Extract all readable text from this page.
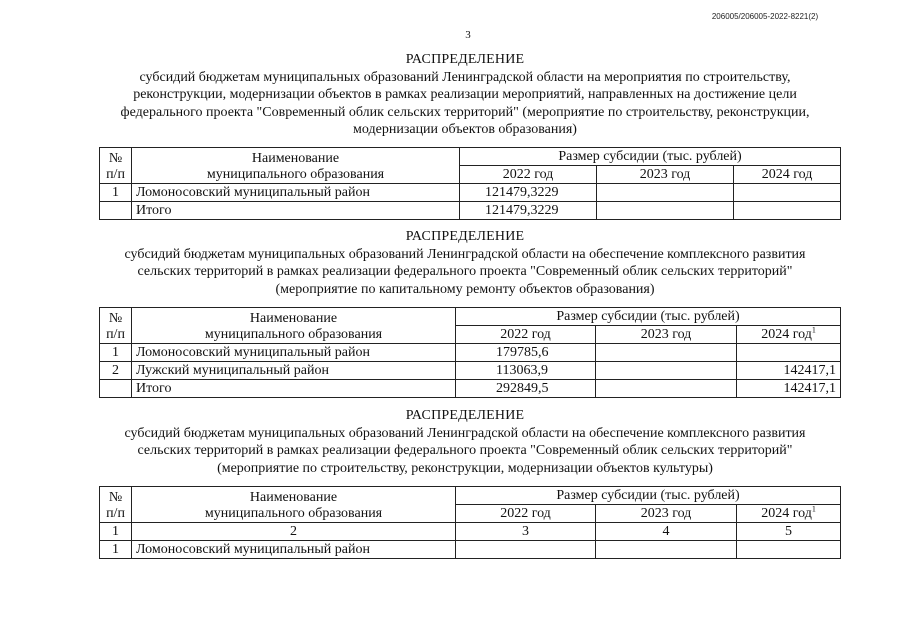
206005/206005-2022-8221(2)
3
РАСПРЕДЕЛЕНИЕ
субсидий бюджетам муниципальных образований Ленинградской области на мероприятия по строительству,
реконструкции, модернизации объектов в рамках реализации мероприятий, направленных на достижение цели
федерального проекта "Современный облик сельских территорий" (мероприятие по строительству, реконструкции,
модернизации объектов образования)
№
п/п	Наименование
муниципального образования	Размер субсидии (тыс. рублей)		
		2022 год	2023 год	2024 год
1	Ломоносовский муниципальный район	121479,3229		
	Итого	121479,3229		
РАСПРЕДЕЛЕНИЕ
субсидий бюджетам муниципальных образований Ленинградской области на обеспечение комплексного развития
сельских территорий в рамках реализации федерального проекта "Современный облик сельских территорий"
(мероприятие по капитальному ремонту объектов образования)
№
п/п	Наименование
муниципального образования	Размер субсидии (тыс. рублей)		
		2022 год	2023 год	2024 год$^1$
1	Ломоносовский муниципальный район	179785,6		
2	Лужский муниципальный район	113063,9		142417,1
	Итого	292849,5		142417,1
РАСПРЕДЕЛЕНИЕ
субсидий бюджетам муниципальных образований Ленинградской области на обеспечение комплексного развития
сельских территорий в рамках реализации федерального проекта "Современный облик сельских территорий"
(мероприятие по строительству, реконструкции, модернизации объектов культуры)
№
п/п	Наименование
муниципального образования	Размер субсидии (тыс. рублей)		
		2022 год	2023 год	2024 год$^1$
1	2	3	4	5
1	Ломоносовский муниципальный район			
